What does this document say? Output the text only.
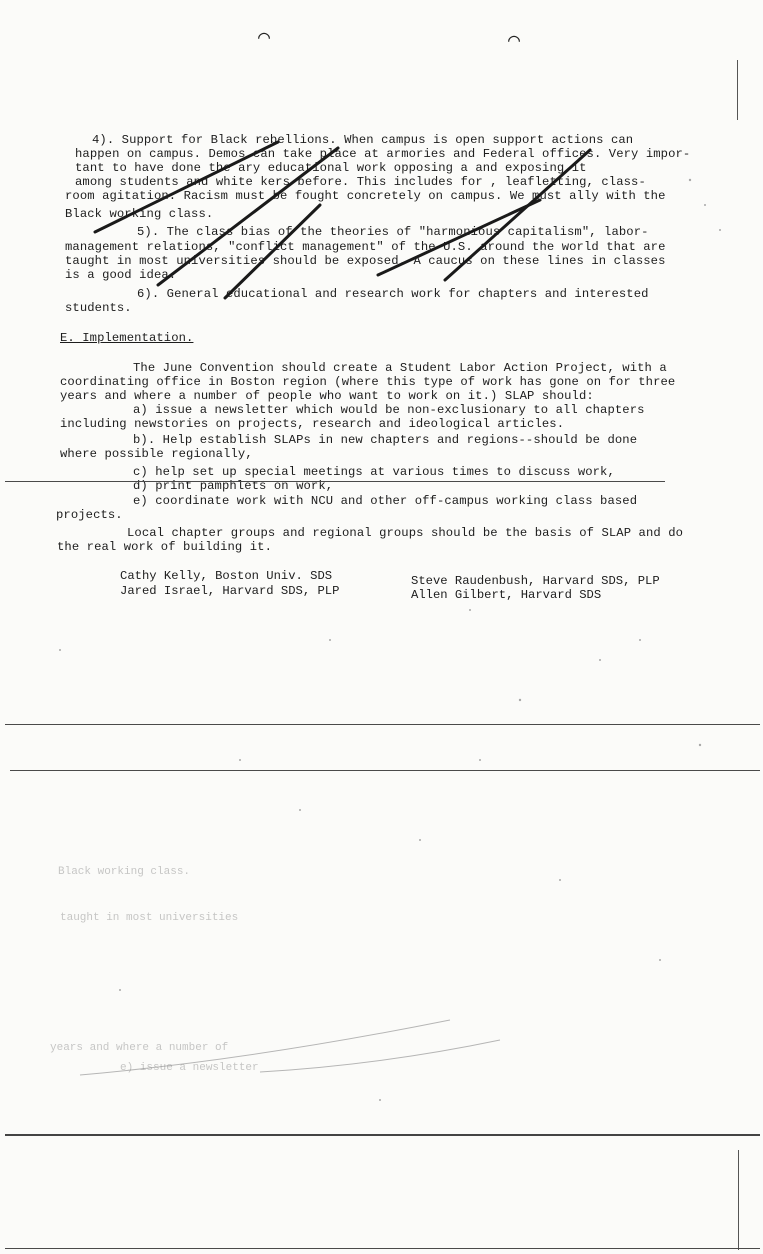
⌒	⌒
4). Support for Black rebellions. When campus is open support actions can
happen on campus. Demos can take place at armories and Federal offices. Very impor-
tant to have done the ary educational work opposing a and exposing it
among students and white kers before. This includes for , leafletting, class-
room agitation. Racism must be fought concretely on campus. We must ally with the
Black working class.
5). The class bias of the theories of "harmonious capitalism", labor-
management relations, "conflict management" of the U.S. around the world that are
taught in most universities should be exposed. A caucus on these lines in classes
is a good idea.
6). General educational and research work for chapters and interested
students.
E. Implementation.
The June Convention should create a Student Labor Action Project, with a
coordinating office in Boston region (where this type of work has gone on for three
years and where a number of people who want to work on it.) SLAP should:
a) issue a newsletter which would be non-exclusionary to all chapters
including newstories on projects, research and ideological articles.
b). Help establish SLAPs in new chapters and regions--should be done
where possible regionally,
c) help set up special meetings at various times to discuss work,
d) print pamphlets on work,
e) coordinate work with NCU and other off-campus working class based
projects.
Local chapter groups and regional groups should be the basis of SLAP and do
the real work of building it.
Cathy Kelly, Boston Univ. SDS
Jared Israel, Harvard SDS, PLP
Steve Raudenbush, Harvard SDS, PLP
Allen Gilbert, Harvard SDS
Black working class.
taught in most universities
years and where a number of
e) issue a newsletter
